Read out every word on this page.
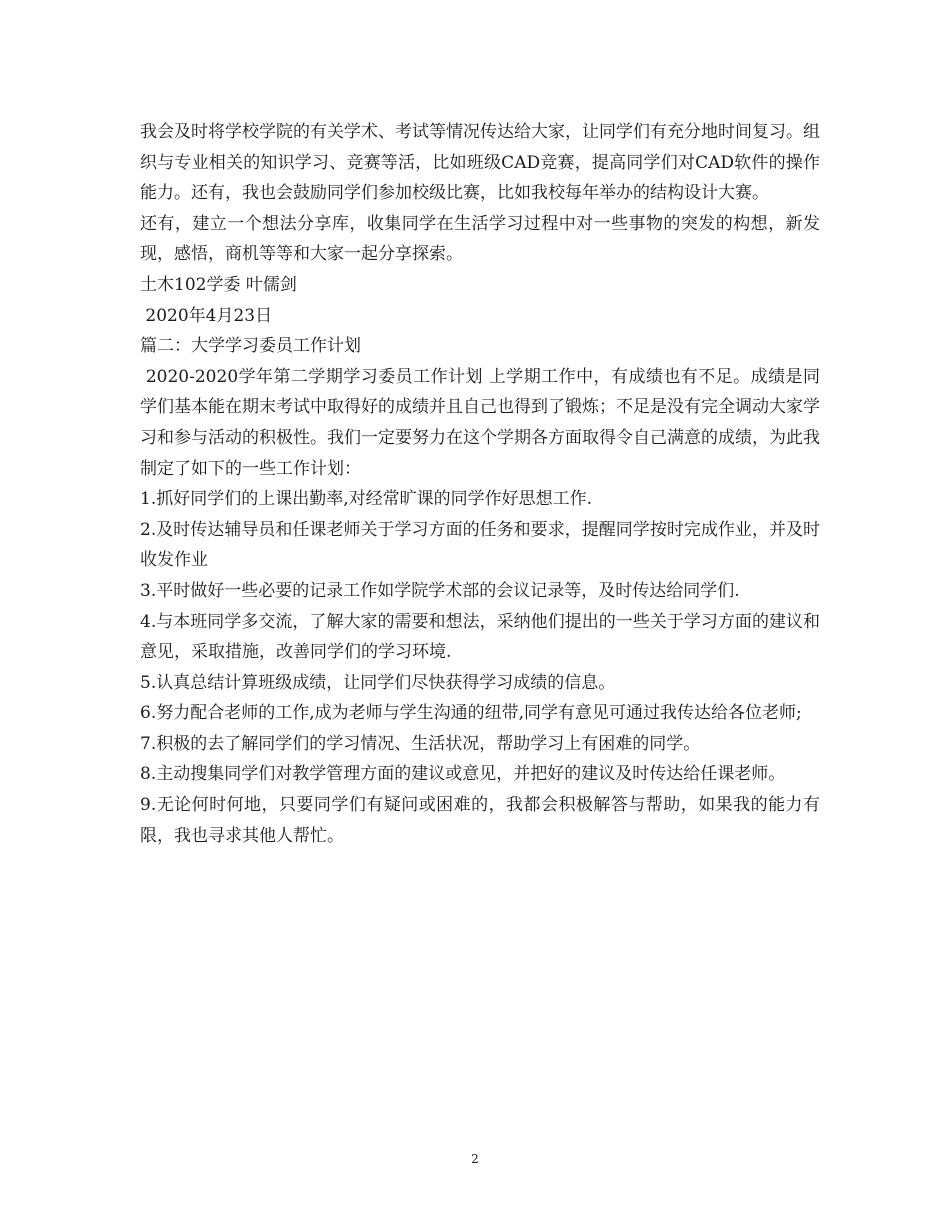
我会及时将学校学院的有关学术、考试等情况传达给大家，让同学们有充分地时间复习。组织与专业相关的知识学习、竞赛等活，比如班级CAD竞赛，提高同学们对CAD软件的操作能力。还有，我也会鼓励同学们参加校级比赛，比如我校每年举办的结构设计大赛。

还有，建立一个想法分享库，收集同学在生活学习过程中对一些事物的突发的构想，新发现，感悟，商机等等和大家一起分享探索。

土木102学委 叶儒剑

2020年4月23日

篇二：大学学习委员工作计划

2020-2020学年第二学期学习委员工作计划 上学期工作中，有成绩也有不足。成绩是同学们基本能在期末考试中取得好的成绩并且自己也得到了锻炼；不足是没有完全调动大家学习和参与活动的积极性。我们一定要努力在这个学期各方面取得令自己满意的成绩，为此我制定了如下的一些工作计划：

1.抓好同学们的上课出勤率,对经常旷课的同学作好思想工作.

2.及时传达辅导员和任课老师关于学习方面的任务和要求，提醒同学按时完成作业，并及时收发作业

3.平时做好一些必要的记录工作如学院学术部的会议记录等，及时传达给同学们.

4.与本班同学多交流，了解大家的需要和想法，采纳他们提出的一些关于学习方面的建议和意见，采取措施，改善同学们的学习环境.

5.认真总结计算班级成绩，让同学们尽快获得学习成绩的信息。

6.努力配合老师的工作,成为老师与学生沟通的纽带,同学有意见可通过我传达给各位老师;

7.积极的去了解同学们的学习情况、生活状况，帮助学习上有困难的同学。

8.主动搜集同学们对教学管理方面的建议或意见，并把好的建议及时传达给任课老师。

9.无论何时何地，只要同学们有疑问或困难的，我都会积极解答与帮助，如果我的能力有限，我也寻求其他人帮忙。

2
